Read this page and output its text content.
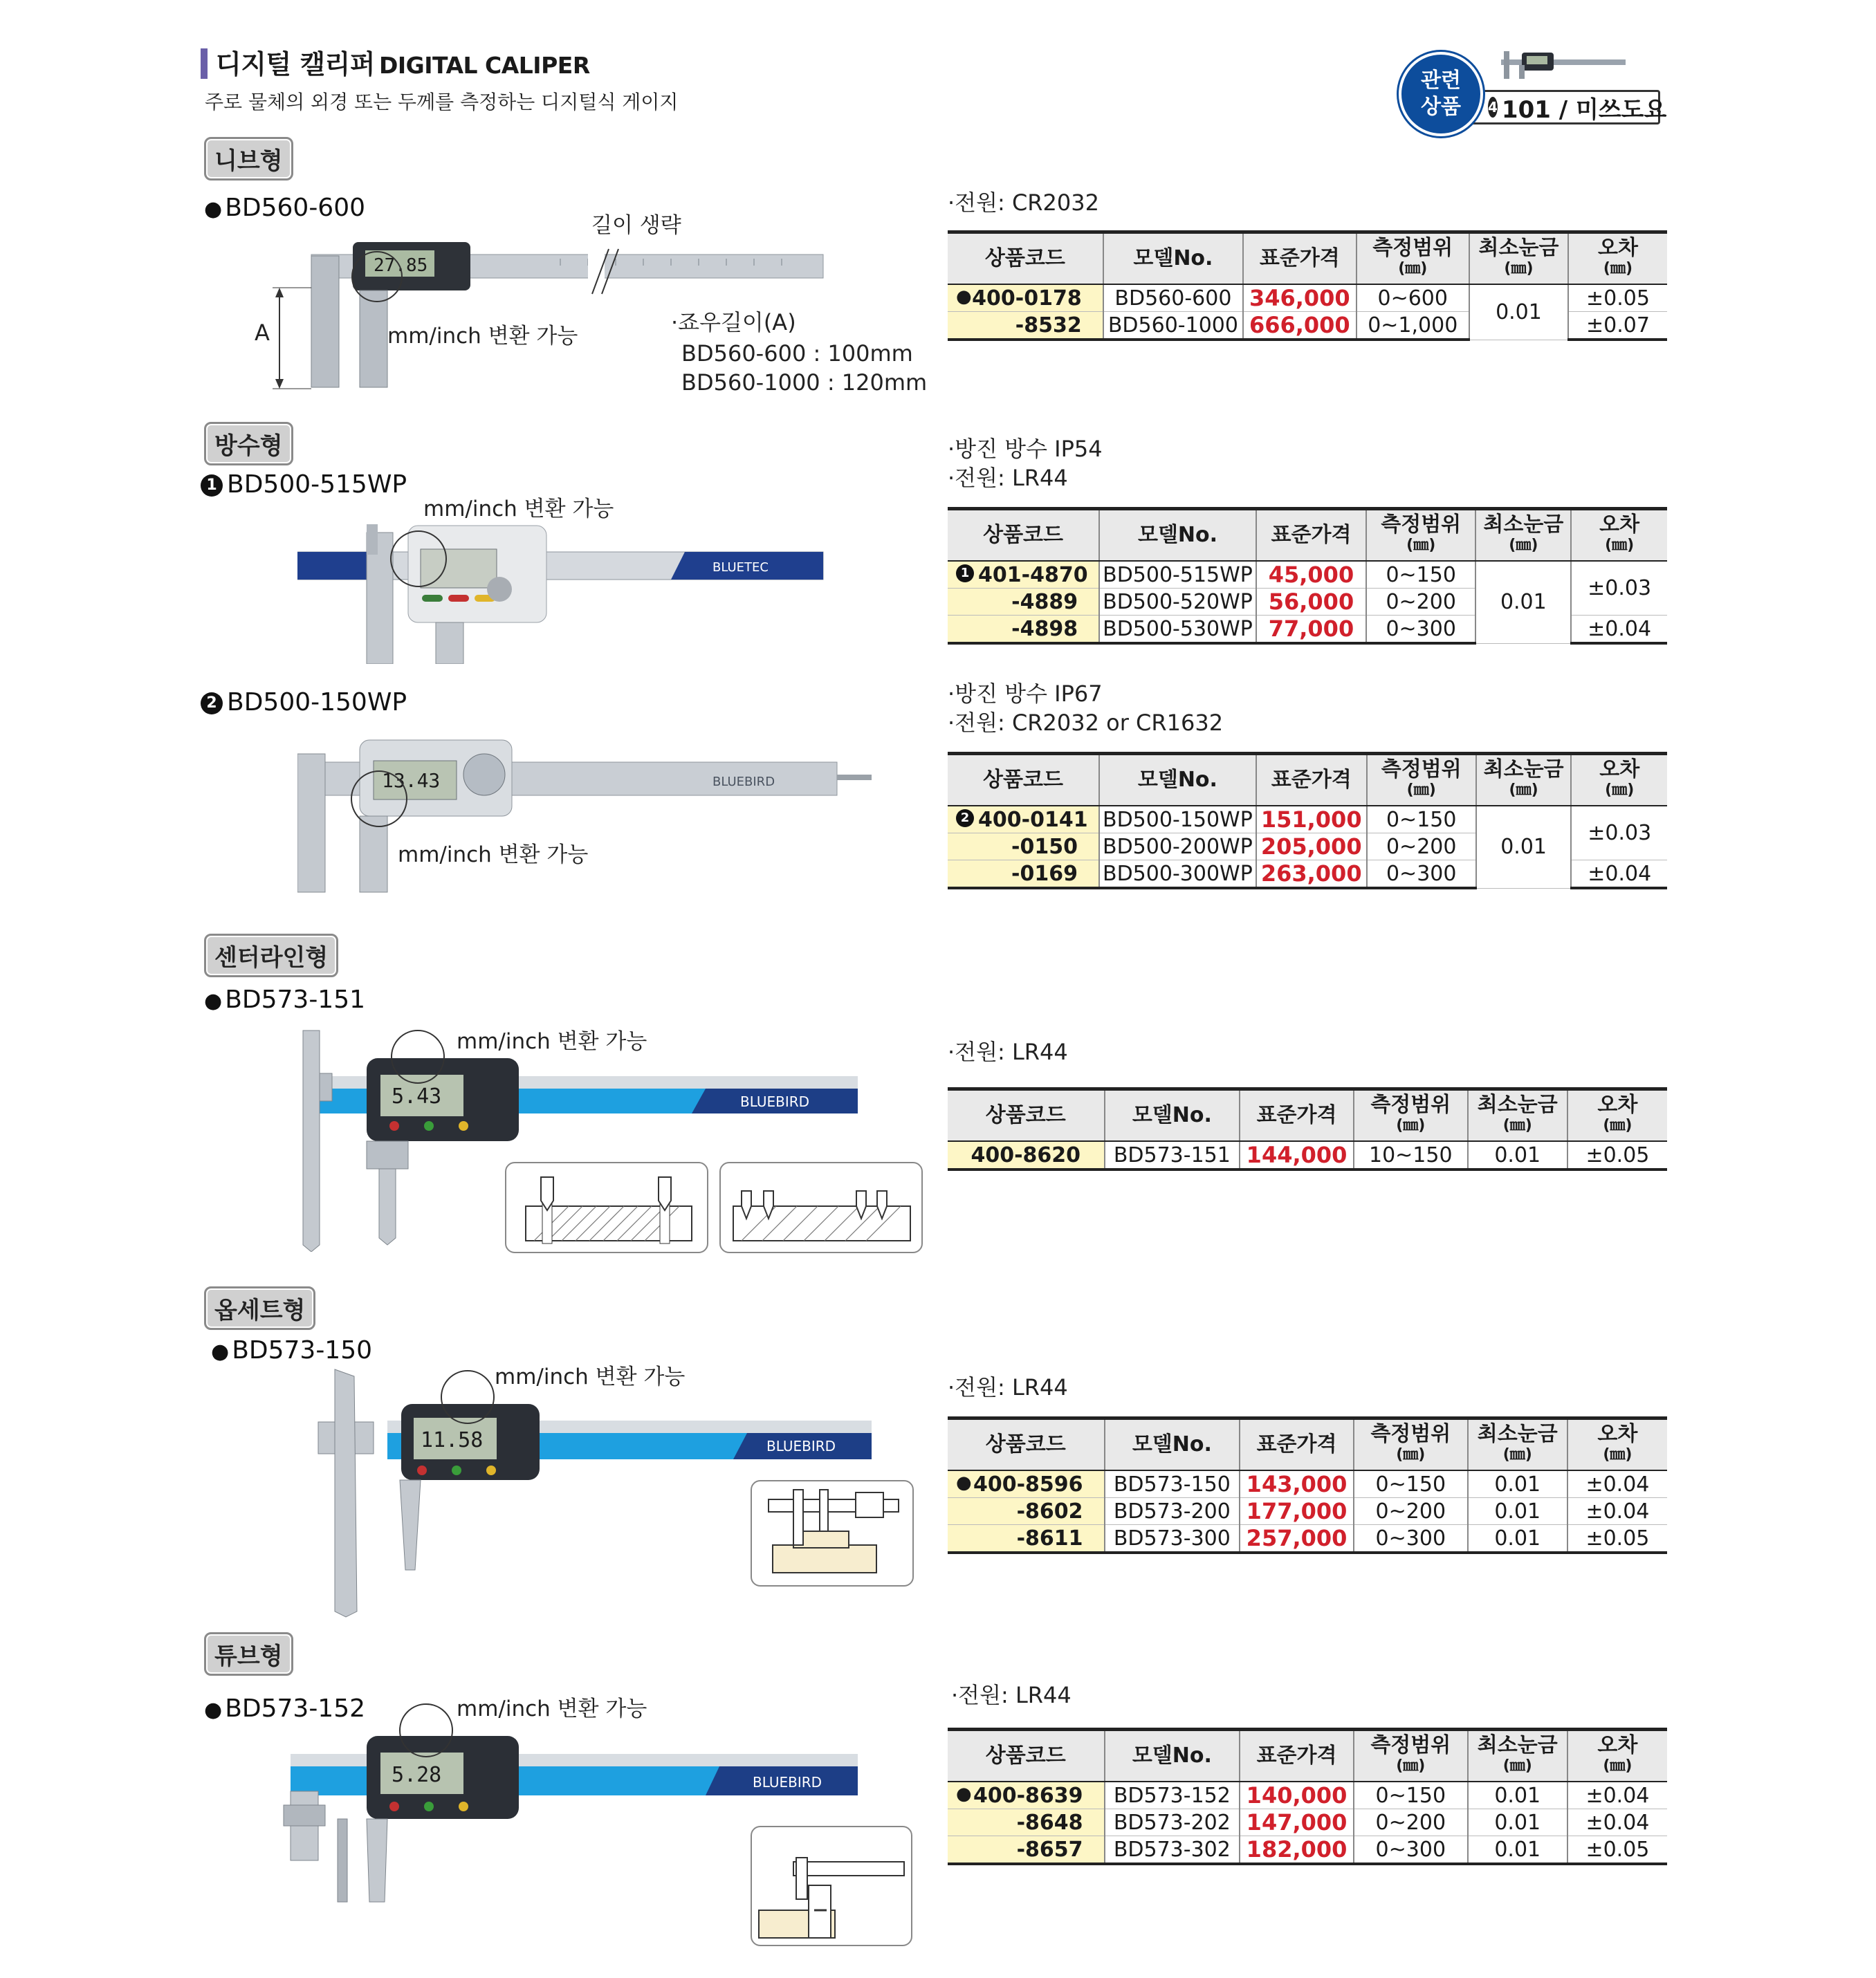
디지털 캘리퍼 DIGITAL CALIPER
주로 물체의 외경 또는 두께를 측정하는 디지털식 게이지	4 101 / 미쓰도요
관련
상품
니브형
● BD560-600
27.85
A
길이 생략
mm/inch 변환 가능
·죠우길이(A)
BD560-600 : 100mm
BD560-1000 : 120mm
·전원: CR2032
상품코드	모델No.	표준가격	측정범위
(㎜)	최소눈금
(㎜)	오차
(㎜)

● 400-0178	BD560-600	346,000	0~600	0.01	±0.05
-8532	BD560-1000	666,000	0~1,000		±0.07
방수형
1 BD500-515WP
mm/inch 변환 가능
BLUETEC
·방진 방수 IP54
·전원: LR44
상품코드	모델No.	표준가격	측정범위
(㎜)	최소눈금
(㎜)	오차
(㎜)

1 401-4870	BD500-515WP	45,000	0~150	0.01	±0.03
-4889	BD500-520WP	56,000	0~200		
-4898	BD500-530WP	77,000	0~300		±0.04
2 BD500-150WP
BLUEBIRD
13.43
mm/inch 변환 가능
·방진 방수 IP67
·전원: CR2032 or CR1632
상품코드	모델No.	표준가격	측정범위
(㎜)	최소눈금
(㎜)	오차
(㎜)

2 400-0141	BD500-150WP	151,000	0~150	0.01	±0.03
-0150	BD500-200WP	205,000	0~200		
-0169	BD500-300WP	263,000	0~300		±0.04
센터라인형
● BD573-151
mm/inch 변환 가능
BLUEBIRD
5.43
·전원: LR44
상품코드	모델No.	표준가격	측정범위
(㎜)	최소눈금
(㎜)	오차
(㎜)

400-8620	BD573-151	144,000	10~150	0.01	±0.05
옵세트형
● BD573-150
mm/inch 변환 가능
BLUEBIRD
11.58
·전원: LR44
상품코드	모델No.	표준가격	측정범위
(㎜)	최소눈금
(㎜)	오차
(㎜)

● 400-8596	BD573-150	143,000	0~150	0.01	±0.04
-8602	BD573-200	177,000	0~200	0.01	±0.04
-8611	BD573-300	257,000	0~300	0.01	±0.05
튜브형
● BD573-152	mm/inch 변환 가능
BLUEBIRD
5.28
·전원: LR44
상품코드	모델No.	표준가격	측정범위
(㎜)	최소눈금
(㎜)	오차
(㎜)

● 400-8639	BD573-152	140,000	0~150	0.01	±0.04
-8648	BD573-202	147,000	0~200	0.01	±0.04
-8657	BD573-302	182,000	0~300	0.01	±0.05
